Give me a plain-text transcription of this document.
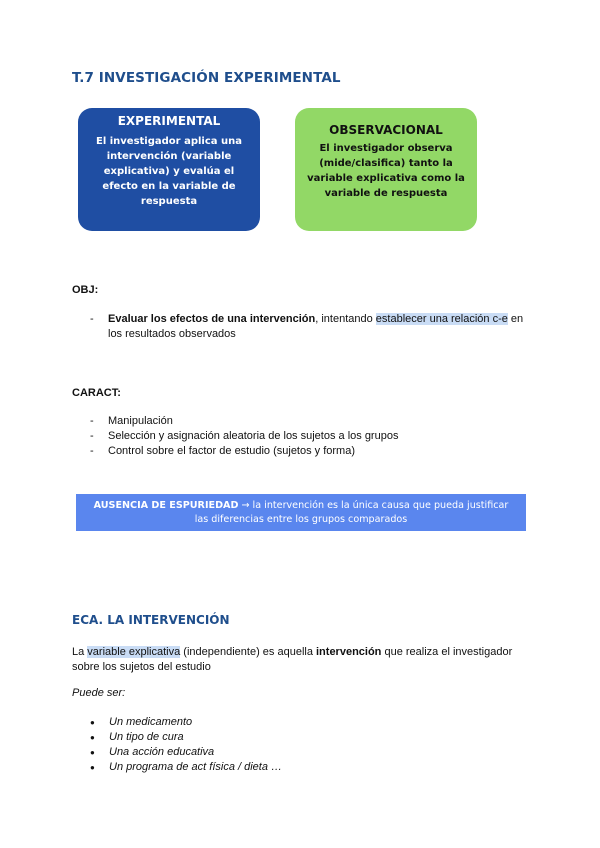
T.7 INVESTIGACIÓN EXPERIMENTAL
EXPERIMENTAL
El investigador aplica una intervención (variable explicativa) y evalúa el efecto en la variable de respuesta
OBSERVACIONAL
El investigador observa (mide/clasifica) tanto la variable explicativa como la variable de respuesta
OBJ:
- Evaluar los efectos de una intervención, intentando establecer una relación c-e en los resultados observados
CARACT:
- Manipulación
- Selección y asignación aleatoria de los sujetos a los grupos
- Control sobre el factor de estudio (sujetos y forma)
AUSENCIA DE ESPURIEDAD → la intervención es la única causa que pueda justificar las diferencias entre los grupos comparados
ECA. LA INTERVENCIÓN
La variable explicativa (independiente) es aquella intervención que realiza el investigador sobre los sujetos del estudio
Puede ser:
● Un medicamento
● Un tipo de cura
● Una acción educativa
● Un programa de act física / dieta …
